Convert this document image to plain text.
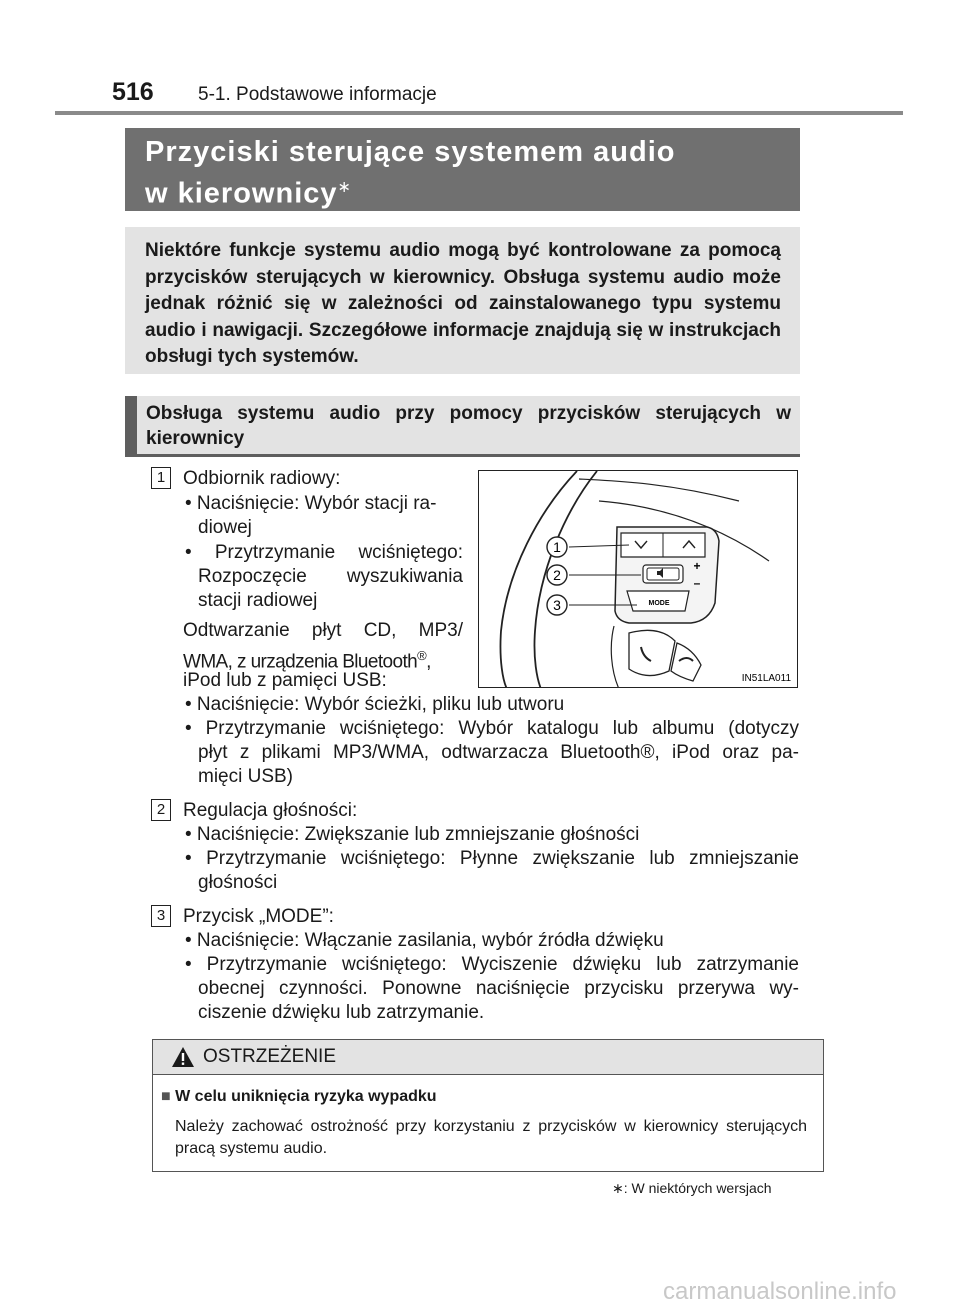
516 5-1. Podstawowe informacje
Przyciski sterujące systemem audio
w kierownicy∗
Niektóre funkcje systemu audio mogą być kontrolowane za pomocą przycisków sterujących w kierownicy. Obsługa systemu audio może jednak różnić się w zależności od zainstalowanego typu systemu audio i nawigacji. Szczegółowe informacje znajdują się w instrukcjach obsługi tych systemów.
Obsługa systemu audio przy pomocy przycisków sterujących w kierownicy
1 Odbiornik radiowy:
• Naciśnięcie: Wybór stacji ra-
diowej
• Przytrzymanie wciśniętego:
Rozpoczęcie wyszukiwania
stacji radiowej
Odtwarzanie płyt CD, MP3/
WMA, z urządzenia Bluetooth®,
iPod lub z pamięci USB:
• Naciśnięcie: Wybór ścieżki, pliku lub utworu
• Przytrzymanie wciśniętego: Wybór katalogu lub albumu (dotyczy
płyt z plikami MP3/WMA, odtwarzacza Bluetooth®, iPod oraz pa-
mięci USB)
1
2
3
+
–
MODE
IN51LA011
2 Regulacja głośności:
• Naciśnięcie: Zwiększanie lub zmniejszanie głośności
• Przytrzymanie wciśniętego: Płynne zwiększanie lub zmniejszanie
głośności
3 Przycisk „MODE”:
• Naciśnięcie: Włączanie zasilania, wybór źródła dźwięku
• Przytrzymanie wciśniętego: Wyciszenie dźwięku lub zatrzymanie
obecnej czynności. Ponowne naciśnięcie przycisku przerywa wy-
ciszenie dźwięku lub zatrzymanie.
OSTRZEŻENIE
■ W celu uniknięcia ryzyka wypadku
Należy zachować ostrożność przy korzystaniu z przycisków w kierownicy sterujących pracą systemu audio.
∗: W niektórych wersjach
carmanualsonline.info
